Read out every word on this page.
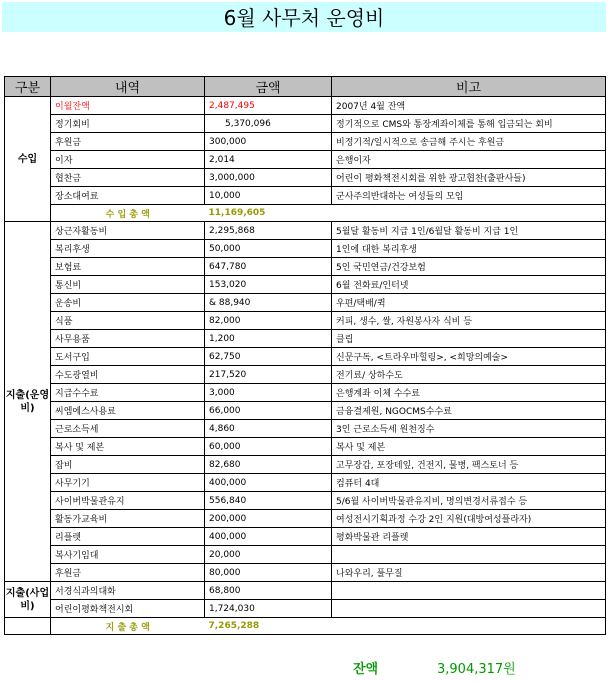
6월 사무처 운영비
구분	내역	금액	비고
수입	이월잔액	2,487,495	2007년 4월 잔액
	정기회비	5,370,096	정기적으로 CMS와 통장계좌이체를 통해 입금되는 회비
	후원금	300,000	비정기적/일시적으로 송금해 주시는 후원금
	이자	2,014	은행이자
	협찬금	3,000,000	어린이 평화책전시회를 위한 광고협찬(출판사들)
	장소대여료	10,000	군사주의반대하는 여성들의 모임
	수 입 총 액	11,169,605	
지출(운영비)	상근자활동비	2,295,868	5월달 활동비 지급 1인/6월달 활동비 지급 1인
	복리후생	50,000	1인에 대한 복리후생
	보험료	647,780	5인 국민연금/건강보험
	통신비	153,020	6월 전화료/인터넷
	운송비	& 88,940	우편/택배/퀵
	식품	82,000	커피, 생수, 쌀, 자원봉사자 식비 등
	사무용품	1,200	클립
	도서구입	62,750	신문구독, <트라우마힐링>, <희망의예술>
	수도광열비	217,520	전기료/ 상하수도
	지급수수료	3,000	은행계좌 이체 수수료
	씨엠에스사용료	66,000	금융결제원, NGOCMS수수료
	근로소득세	4,860	3인 근로소득세 원천징수
	복사 및 제본	60,000	복사 및 제본
	잡비	82,680	고무장갑, 포장테잎, 건전지, 물병, 팩스토너 등
	사무기기	400,000	컴퓨터 4대
	사이버박물관유지	556,840	5/6월 사이버박물관유지비, 명의변경서류접수 등
	활동가교육비	200,000	여성전시기획과정 수강 2인 지원(대방여성플라자)
	리플렛	400,000	평화박물관 리플렛
	복사기임대	20,000	
	후원금	80,000	나와우리, 풀무질
지출(사업비)	서경식과의대화	68,800	
	어린이평화책전시회	1,724,030	
	지 출 총 액	7,265,288	
잔액	3,904,317원
